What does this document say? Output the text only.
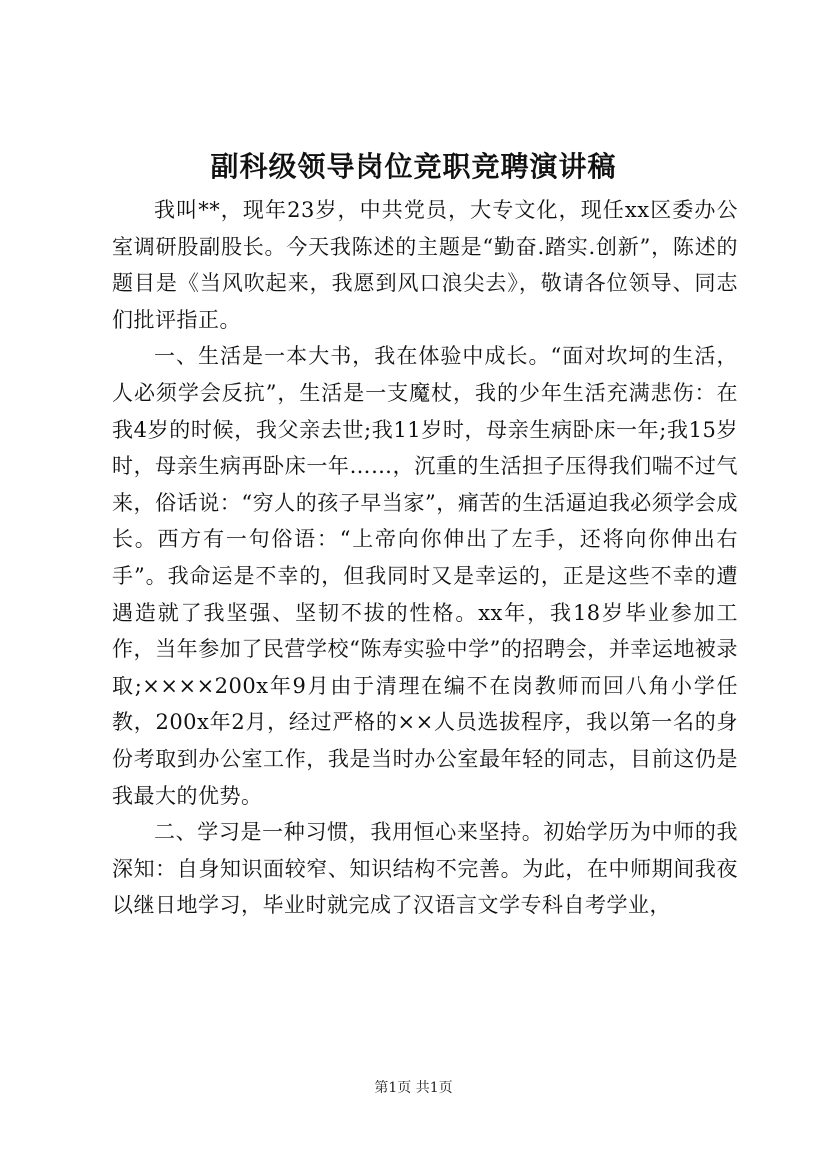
副科级领导岗位竞职竞聘演讲稿

我叫**，现年23岁，中共党员，大专文化，现任xx区委办公室调研股副股长。今天我陈述的主题是“勤奋.踏实.创新”，陈述的题目是《当风吹起来，我愿到风口浪尖去》，敬请各位领导、同志们批评指正。

一、生活是一本大书，我在体验中成长。“面对坎坷的生活，人必须学会反抗”，生活是一支魔杖，我的少年生活充满悲伤：在我4岁的时候，我父亲去世;我11岁时，母亲生病卧床一年;我15岁时，母亲生病再卧床一年……，沉重的生活担子压得我们喘不过气来，俗话说：“穷人的孩子早当家”，痛苦的生活逼迫我必须学会成长。西方有一句俗语：“上帝向你伸出了左手，还将向你伸出右手”。我命运是不幸的，但我同时又是幸运的，正是这些不幸的遭遇造就了我坚强、坚韧不拔的性格。xx年，我18岁毕业参加工作，当年参加了民营学校“陈寿实验中学”的招聘会，并幸运地被录取;××××200x年9月由于清理在编不在岗教师而回八角小学任教，200x年2月，经过严格的××人员选拔程序，我以第一名的身份考取到办公室工作，我是当时办公室最年轻的同志，目前这仍是我最大的优势。

二、学习是一种习惯，我用恒心来坚持。初始学历为中师的我深知：自身知识面较窄、知识结构不完善。为此，在中师期间我夜以继日地学习，毕业时就完成了汉语言文学专科自考学业，

第1页 共1页
